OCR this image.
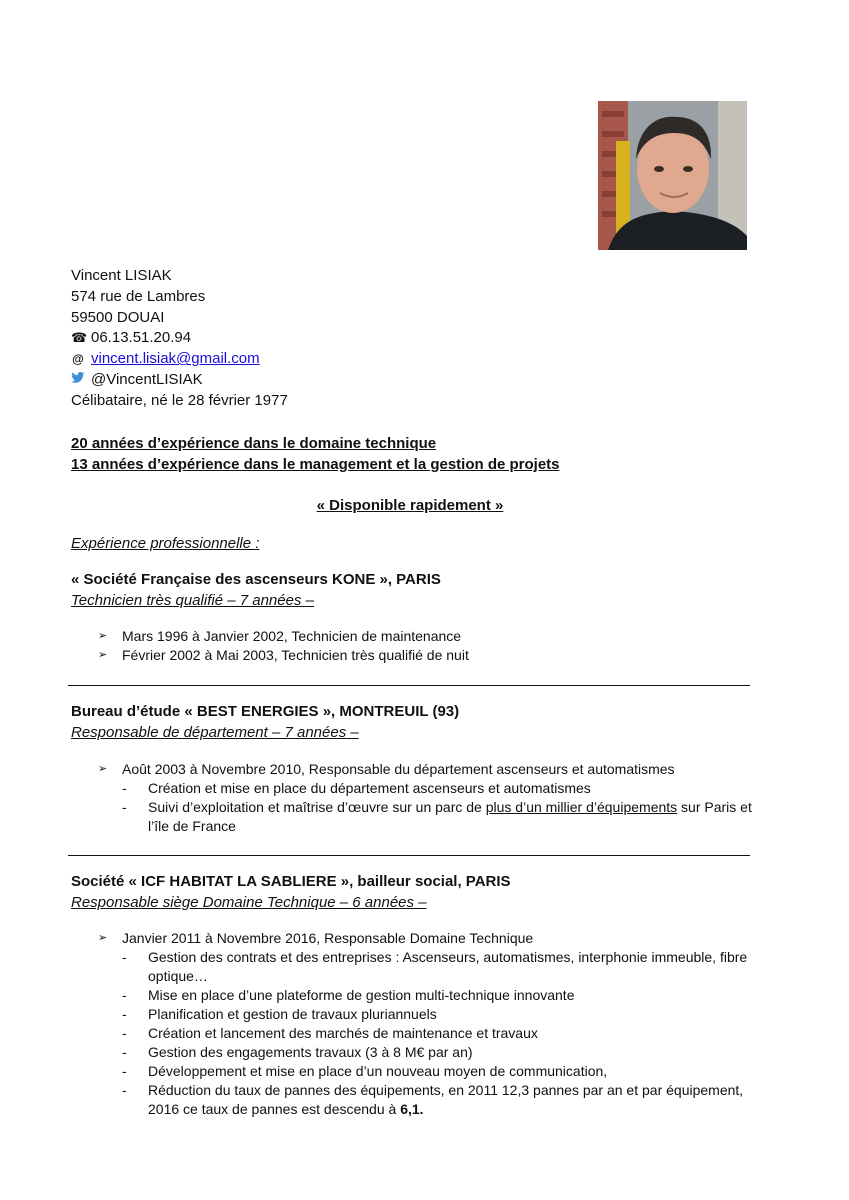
Vincent LISIAK
574 rue de Lambres
59500 DOUAI
☎ 06.13.51.20.94
@ vincent.lisiak@gmail.com
@VincentLISIAK
Célibataire, né le 28 février 1977
20 années d’expérience dans le domaine technique
13 années d’expérience dans le management et la gestion de projets
« Disponible rapidement »
Expérience professionnelle :
« Société Française des ascenseurs KONE », PARIS
Technicien très qualifié – 7 années –
➢	Mars 1996 à Janvier 2002, Technicien de maintenance
➢	Février 2002 à Mai 2003, Technicien très qualifié de nuit
Bureau d’étude « BEST ENERGIES », MONTREUIL (93)
Responsable de département – 7 années –
➢	Août 2003 à Novembre 2010, Responsable du département ascenseurs et automatismes
-	Création et mise en place du département ascenseurs et automatismes
-	Suivi d’exploitation et maîtrise d’œuvre sur un parc de plus d’un millier d’équipements sur Paris et l’île de France
Société « ICF HABITAT LA SABLIERE », bailleur social, PARIS
Responsable siège Domaine Technique – 6 années –
➢	Janvier 2011 à Novembre 2016, Responsable Domaine Technique
-	Gestion des contrats et des entreprises : Ascenseurs, automatismes, interphonie immeuble, fibre optique…
-	Mise en place d’une plateforme de gestion multi-technique innovante
-	Planification et gestion de travaux pluriannuels
-	Création et lancement des marchés de maintenance et travaux
-	Gestion des engagements travaux (3 à 8 M€ par an)
-	Développement et mise en place d’un nouveau moyen de communication,
-	Réduction du taux de pannes des équipements, en 2011 12,3 pannes par an et par équipement, 2016 ce taux de pannes est descendu à 6,1.
